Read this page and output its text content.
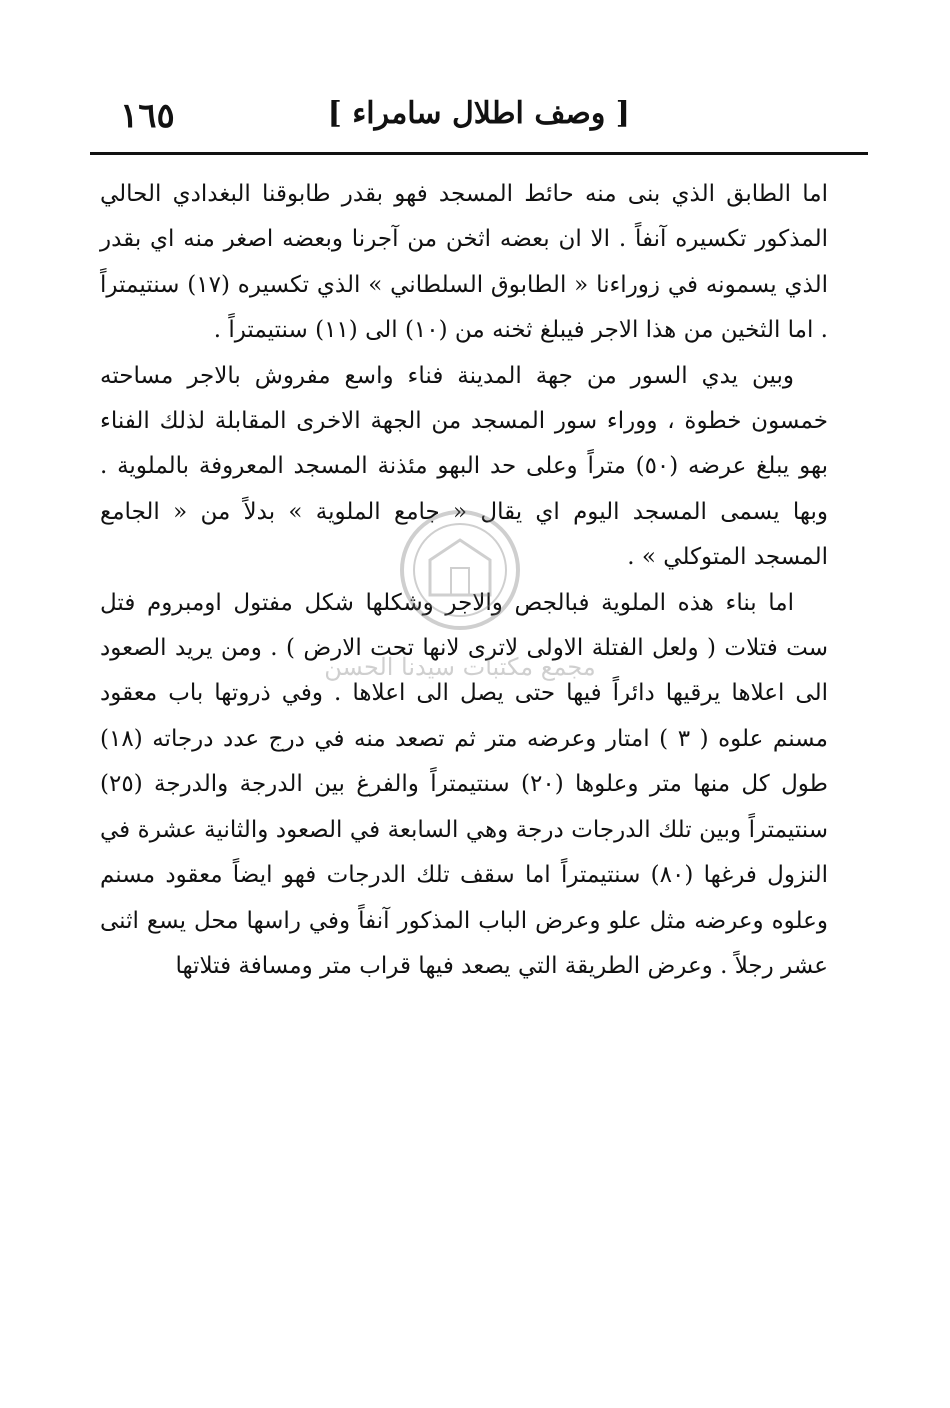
١٦٥	[ وصف اطلال سامراء ]

اما الطابق الذي بنى منه حائط المسجد فهو بقدر طابوقنا البغدادي الحالي المذكور تكسيره آنفاً . الا ان بعضه اثخن من آجرنا وبعضه اصغر منه اي بقدر الذي يسمونه في زوراءنا « الطابوق السلطاني » الذي تكسيره (١٧) سنتيمتراً . اما الثخين من هذا الاجر فيبلغ ثخنه من (١٠) الى (١١) سنتيمتراً .

وبين يدي السور من جهة المدينة فناء واسع مفروش بالاجر مساحته خمسون خطوة ، ووراء سور المسجد من الجهة الاخرى المقابلة لذلك الفناء بهو يبلغ عرضه (٥٠) متراً وعلى حد البهو مئذنة المسجد المعروفة بالملوية . وبها يسمى المسجد اليوم اي يقال « جامع الملوية » بدلاً من « الجامع المسجد المتوكلي » .

اما بناء هذه الملوية فبالجص والاجر وشكلها شكل مفتول اومبروم فتل ست فتلات ( ولعل الفتلة الاولى لاترى لانها تحت الارض ) . ومن يريد الصعود الى اعلاها يرقيها دائراً فيها حتى يصل الى اعلاها . وفي ذروتها باب معقود مسنم علوه ( ٣ ) امتار وعرضه متر ثم تصعد منه في درج عدد درجاته (١٨) طول كل منها متر وعلوها (٢٠) سنتيمتراً والفرغ بين الدرجة والدرجة (٢٥) سنتيمتراً وبين تلك الدرجات درجة وهي السابعة في الصعود والثانية عشرة في النزول فرغها (٨٠) سنتيمتراً اما سقف تلك الدرجات فهو ايضاً معقود مسنم وعلوه وعرضه مثل علو وعرض الباب المذكور آنفاً وفي راسها محل يسع اثنى عشر رجلاً . وعرض الطريقة التي يصعد فيها قراب متر ومسافة فتلاتها

مجمع مكتبات سيدنا الحسن
